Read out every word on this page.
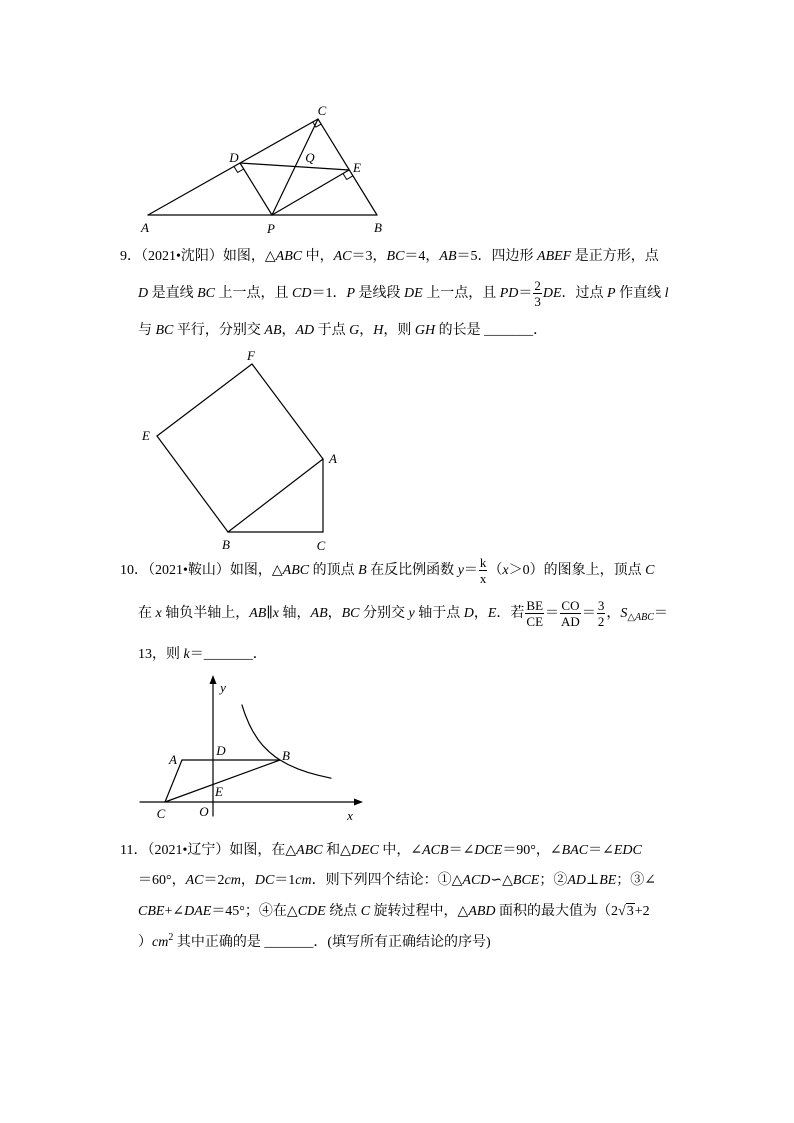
C
D	Q
E
A	P	B
F
E
A
B	C
y
D
A	B
E
C	O	x
9．（2021•沈阳）如图，△ABC 中，AC＝3，BC＝4，AB＝5．四边形 ABEF 是正方形，点
D 是直线 BC 上一点，且 CD＝1．P 是线段 DE 上一点，且 $PD= \frac{2}{3}$ DE．过点 P 作直线 l
与 BC 平行，分别交 AB，AD 于点 G，H，则 GH 的长是 _______．
10．（2021•鞍山）如图，△ABC 的顶点 B 在反比例函数 $y= \frac{k}{x} (x>0)$的图象上，顶点 C
在 x 轴负半轴上，AB∥x 轴，AB，BC 分别交 y 轴于点 D，E．若 $\frac{BE}{CE} = \frac{CO}{AD} = \frac{3}{2}$ ，$S_{\triangle ABC}=$
13，则 k＝_______．
11．（2021•辽宁）如图，在△ABC 和△DEC 中，∠ACB＝∠DCE＝90°，∠BAC＝∠EDC
＝60°，AC＝2cm，DC＝1cm．则下列四个结论：①△ACD∽△BCE；②AD⊥BE；③∠
CBE+∠DAE＝45°；④在△CDE 绕点 C 旋转过程中，△ABD 面积的最大值为（2√3+2
）$cm^2$ 其中正确的是 _______．(填写所有正确结论的序号)
